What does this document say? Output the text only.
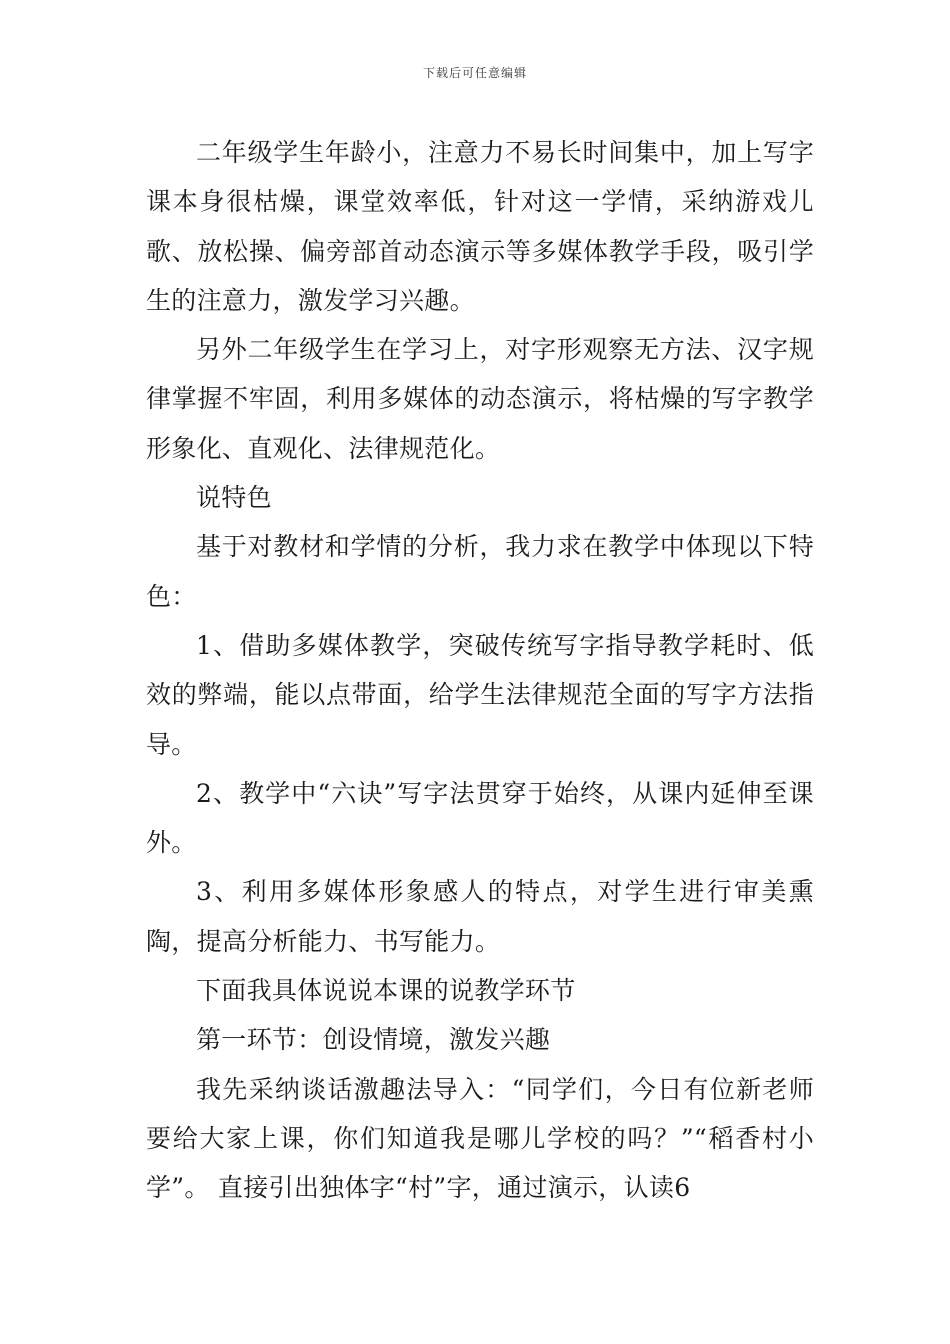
下载后可任意编辑

二年级学生年龄小，注意力不易长时间集中，加上写字课本身很枯燥，课堂效率低，针对这一学情，采纳游戏儿歌、放松操、偏旁部首动态演示等多媒体教学手段，吸引学生的注意力，激发学习兴趣。

另外二年级学生在学习上，对字形观察无方法、汉字规律掌握不牢固，利用多媒体的动态演示，将枯燥的写字教学形象化、直观化、法律规范化。

说特色

基于对教材和学情的分析，我力求在教学中体现以下特色：

1、借助多媒体教学，突破传统写字指导教学耗时、低效的弊端，能以点带面，给学生法律规范全面的写字方法指导。

2、教学中“六诀”写字法贯穿于始终，从课内延伸至课外。

3、利用多媒体形象感人的特点，对学生进行审美熏陶，提高分析能力、书写能力。

下面我具体说说本课的说教学环节

第一环节：创设情境，激发兴趣

我先采纳谈话激趣法导入：“同学们，今日有位新老师要给大家上课，你们知道我是哪儿学校的吗？”“稻香村小学”。 直接引出独体字“村”字，通过演示，认读6
